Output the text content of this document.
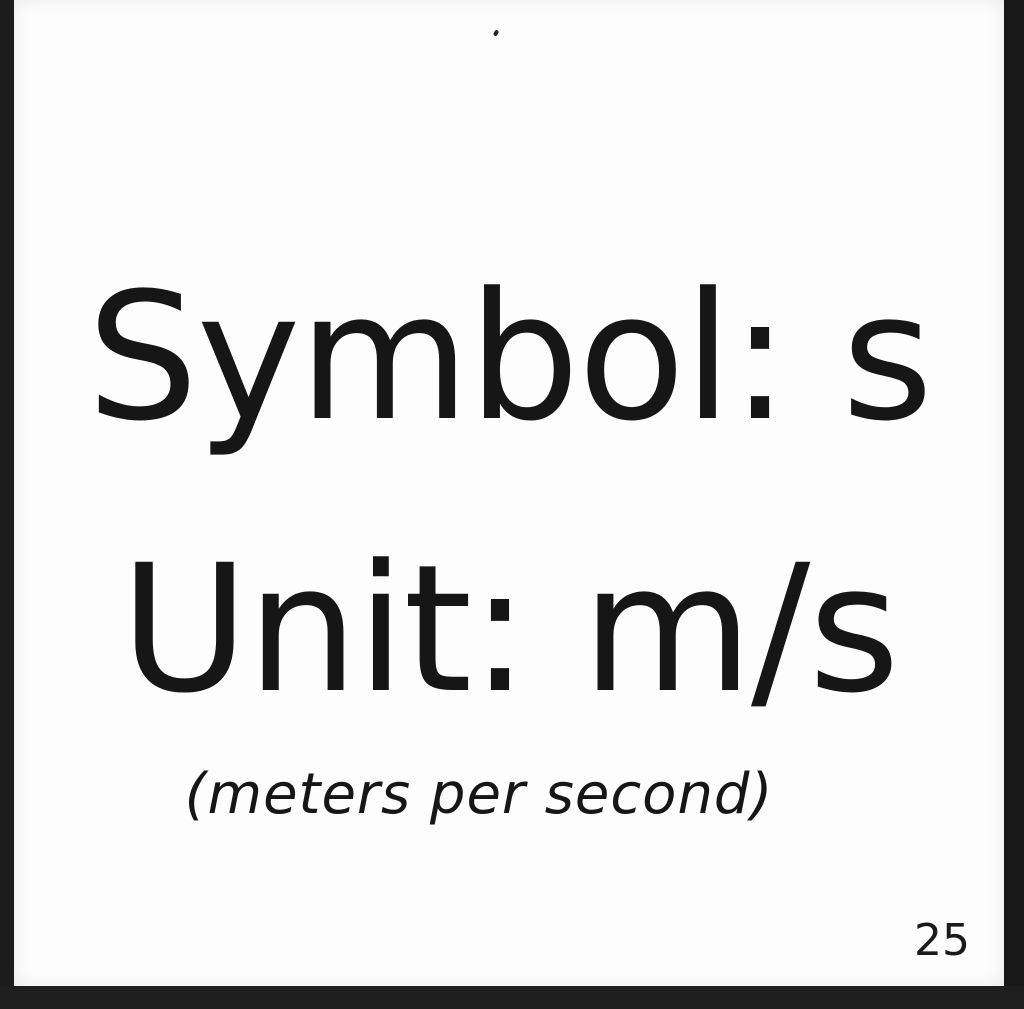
Symbol: s
Unit: m/s
(meters per second)
25
